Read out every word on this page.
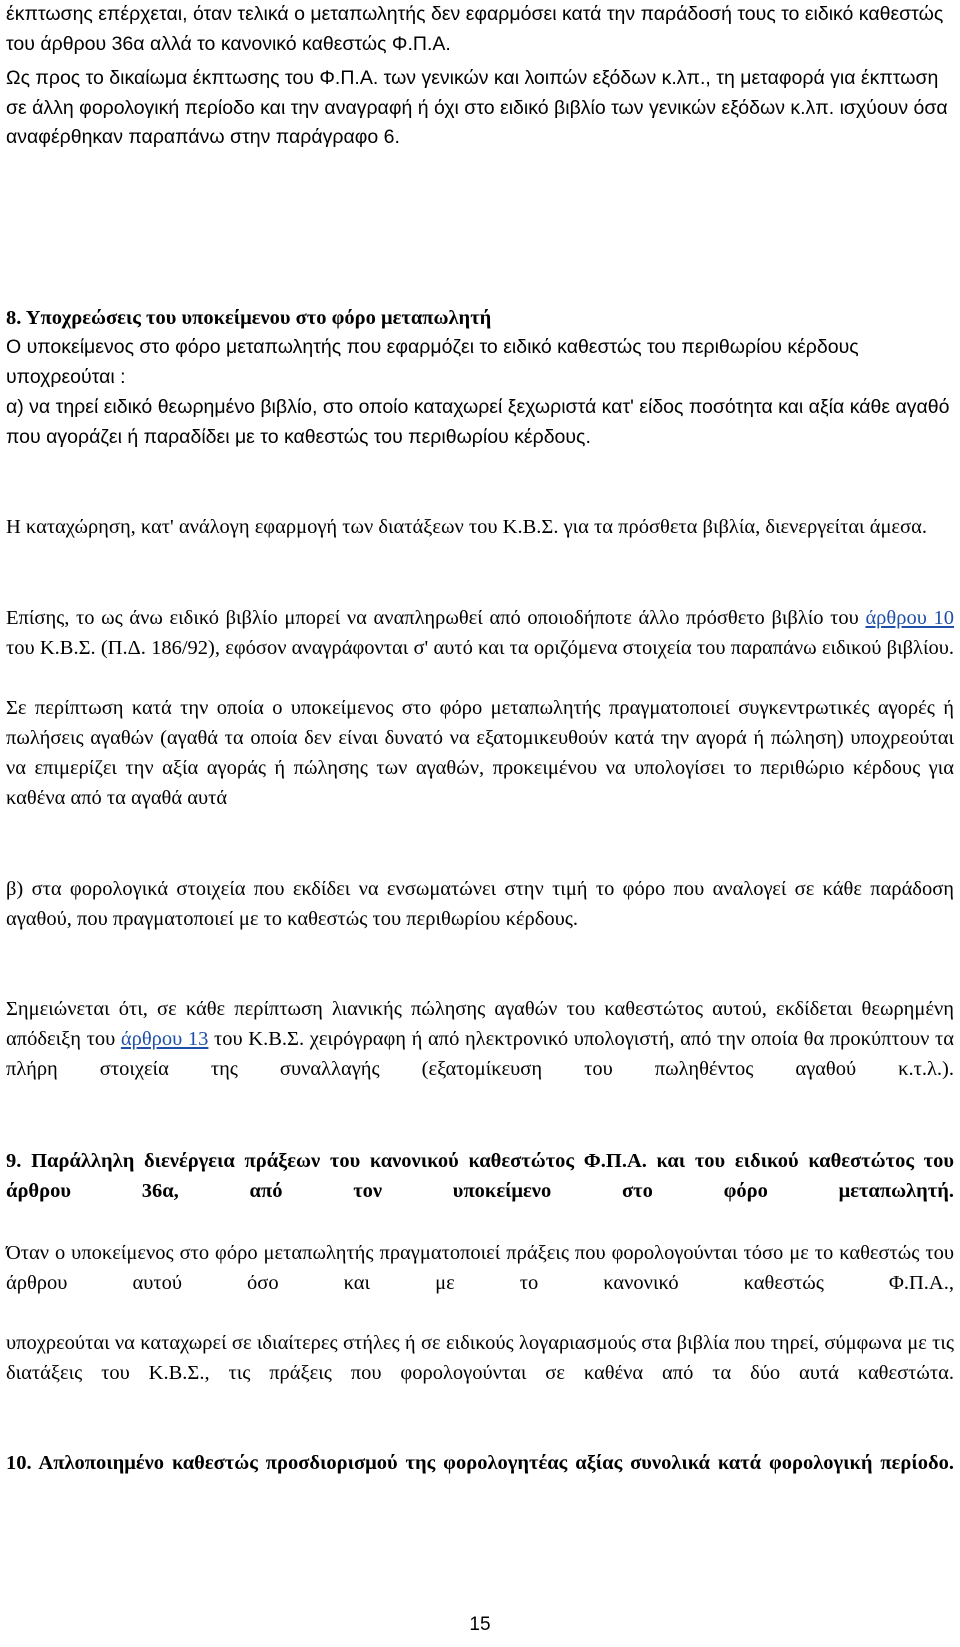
έκπτωσης επέρχεται, όταν τελικά ο μεταπωλητής δεν εφαρμόσει κατά την παράδοσή τους το ειδικό καθεστώς του άρθρου 36α αλλά το κανονικό καθεστώς Φ.Π.Α.

Ως προς το δικαίωμα έκπτωσης του Φ.Π.Α. των γενικών και λοιπών εξόδων κ.λπ., τη μεταφορά για έκπτωση σε άλλη φορολογική περίοδο και την αναγραφή ή όχι στο ειδικό βιβλίο των γενικών εξόδων κ.λπ. ισχύουν όσα αναφέρθηκαν παραπάνω στην παράγραφο 6.

8. Υποχρεώσεις του υποκείμενου στο φόρο μεταπωλητή

Ο υποκείμενος στο φόρο μεταπωλητής που εφαρμόζει το ειδικό καθεστώς του περιθωρίου κέρδους υποχρεούται :

α) να τηρεί ειδικό θεωρημένο βιβλίο, στο οποίο καταχωρεί ξεχωριστά κατ' είδος ποσότητα και αξία κάθε αγαθό που αγοράζει ή παραδίδει με το καθεστώς του περιθωρίου κέρδους.

Η καταχώρηση, κατ' ανάλογη εφαρμογή των διατάξεων του Κ.Β.Σ. για τα πρόσθετα βιβλία, διενεργείται άμεσα.

Επίσης, το ως άνω ειδικό βιβλίο μπορεί να αναπληρωθεί από οποιοδήποτε άλλο πρόσθετο βιβλίο του άρθρου 10 του Κ.Β.Σ. (Π.Δ. 186/92), εφόσον αναγράφονται σ' αυτό και τα οριζόμενα στοιχεία του παραπάνω ειδικού βιβλίου.

Σε περίπτωση κατά την οποία ο υποκείμενος στο φόρο μεταπωλητής πραγματοποιεί συγκεντρωτικές αγορές ή πωλήσεις αγαθών (αγαθά τα οποία δεν είναι δυνατό να εξατομικευθούν κατά την αγορά ή πώληση) υποχρεούται να επιμερίζει την αξία αγοράς ή πώλησης των αγαθών, προκειμένου να υπολογίσει το περιθώριο κέρδους για καθένα από τα αγαθά αυτά

β) στα φορολογικά στοιχεία που εκδίδει να ενσωματώνει στην τιμή το φόρο που αναλογεί σε κάθε παράδοση αγαθού, που πραγματοποιεί με το καθεστώς του περιθωρίου κέρδους.

Σημειώνεται ότι, σε κάθε περίπτωση λιανικής πώλησης αγαθών του καθεστώτος αυτού, εκδίδεται θεωρημένη απόδειξη του άρθρου 13 του Κ.Β.Σ. χειρόγραφη ή από ηλεκτρονικό υπολογιστή, από την οποία θα προκύπτουν τα πλήρη στοιχεία της συναλλαγής (εξατομίκευση του πωληθέντος αγαθού κ.τ.λ.).

9. Παράλληλη διενέργεια πράξεων του κανονικού καθεστώτος Φ.Π.Α. και του ειδικού καθεστώτος του άρθρου 36α, από τον υποκείμενο στο φόρο μεταπωλητή.

Όταν ο υποκείμενος στο φόρο μεταπωλητής πραγματοποιεί πράξεις που φορολογούνται τόσο με το καθεστώς του άρθρου αυτού όσο και με το κανονικό καθεστώς Φ.Π.Α.,

υποχρεούται να καταχωρεί σε ιδιαίτερες στήλες ή σε ειδικούς λογαριασμούς στα βιβλία που τηρεί, σύμφωνα με τις διατάξεις του Κ.Β.Σ., τις πράξεις που φορολογούνται σε καθένα από τα δύο αυτά καθεστώτα.

10. Απλοποιημένο καθεστώς προσδιορισμού της φορολογητέας αξίας συνολικά κατά φορολογική περίοδο.

15
